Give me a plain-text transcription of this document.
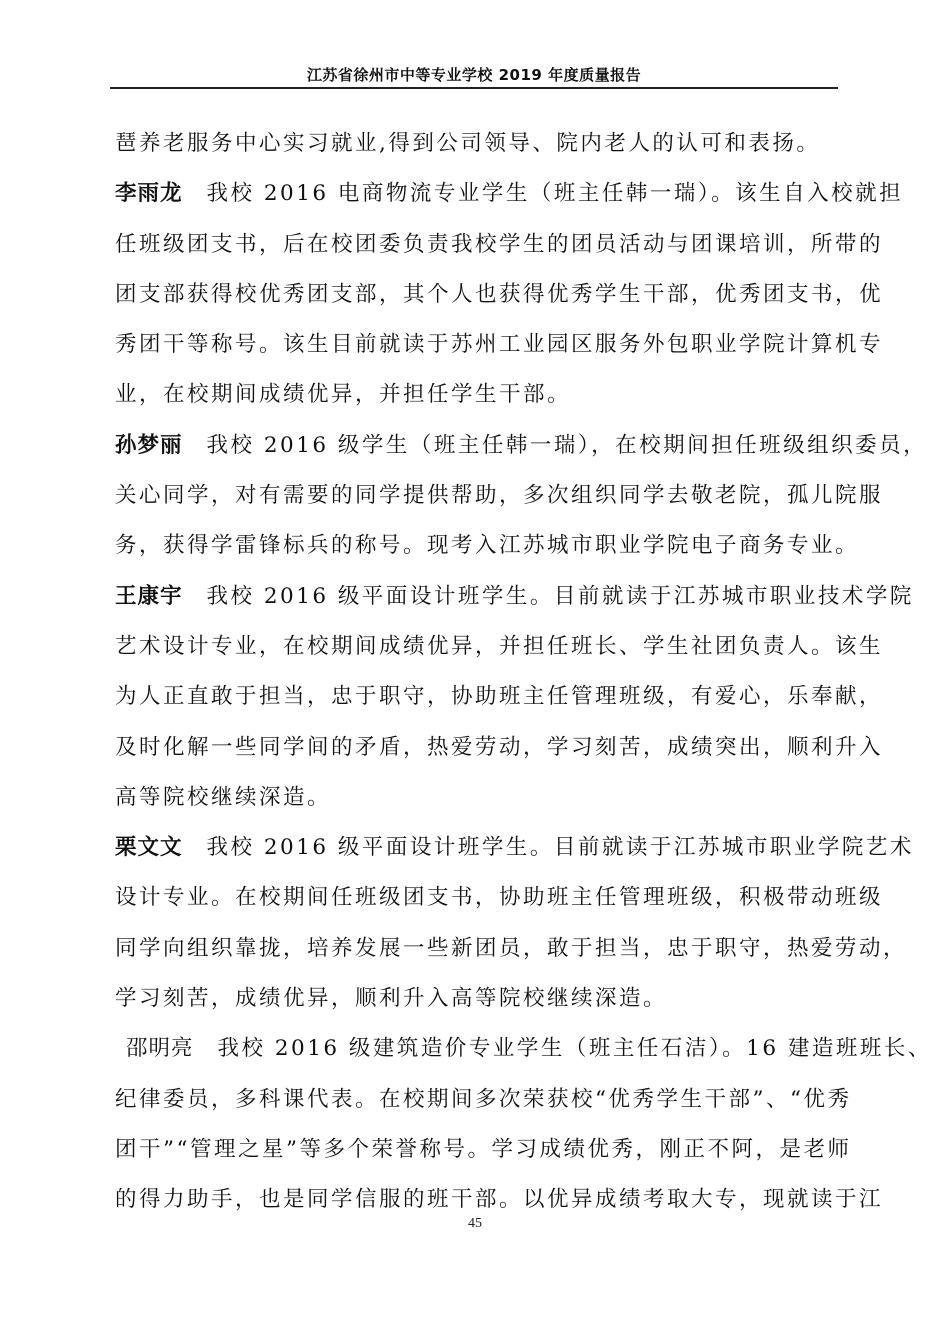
江苏省徐州市中等专业学校 2019 年度质量报告
琶养老服务中心实习就业,得到公司领导、院内老人的认可和表扬。
李雨龙 我校 2016 电商物流专业学生（班主任韩一瑞）。该生自入校就担
任班级团支书，后在校团委负责我校学生的团员活动与团课培训，所带的
团支部获得校优秀团支部，其个人也获得优秀学生干部，优秀团支书，优
秀团干等称号。该生目前就读于苏州工业园区服务外包职业学院计算机专
业，在校期间成绩优异，并担任学生干部。
孙梦丽 我校 2016 级学生（班主任韩一瑞），在校期间担任班级组织委员，
关心同学，对有需要的同学提供帮助，多次组织同学去敬老院，孤儿院服
务，获得学雷锋标兵的称号。现考入江苏城市职业学院电子商务专业。
王康宇 我校 2016 级平面设计班学生。目前就读于江苏城市职业技术学院
艺术设计专业，在校期间成绩优异，并担任班长、学生社团负责人。该生
为人正直敢于担当，忠于职守，协助班主任管理班级，有爱心，乐奉献，
及时化解一些同学间的矛盾，热爱劳动，学习刻苦，成绩突出，顺利升入
高等院校继续深造。
栗文文 我校 2016 级平面设计班学生。目前就读于江苏城市职业学院艺术
设计专业。在校期间任班级团支书，协助班主任管理班级，积极带动班级
同学向组织靠拢，培养发展一些新团员，敢于担当，忠于职守，热爱劳动，
学习刻苦，成绩优异，顺利升入高等院校继续深造。
邵明亮 我校 2016 级建筑造价专业学生（班主任石洁）。16 建造班班长、
纪律委员，多科课代表。在校期间多次荣获校“优秀学生干部”、“优秀
团干”“管理之星”等多个荣誉称号。学习成绩优秀，刚正不阿，是老师
的得力助手，也是同学信服的班干部。以优异成绩考取大专，现就读于江
45
